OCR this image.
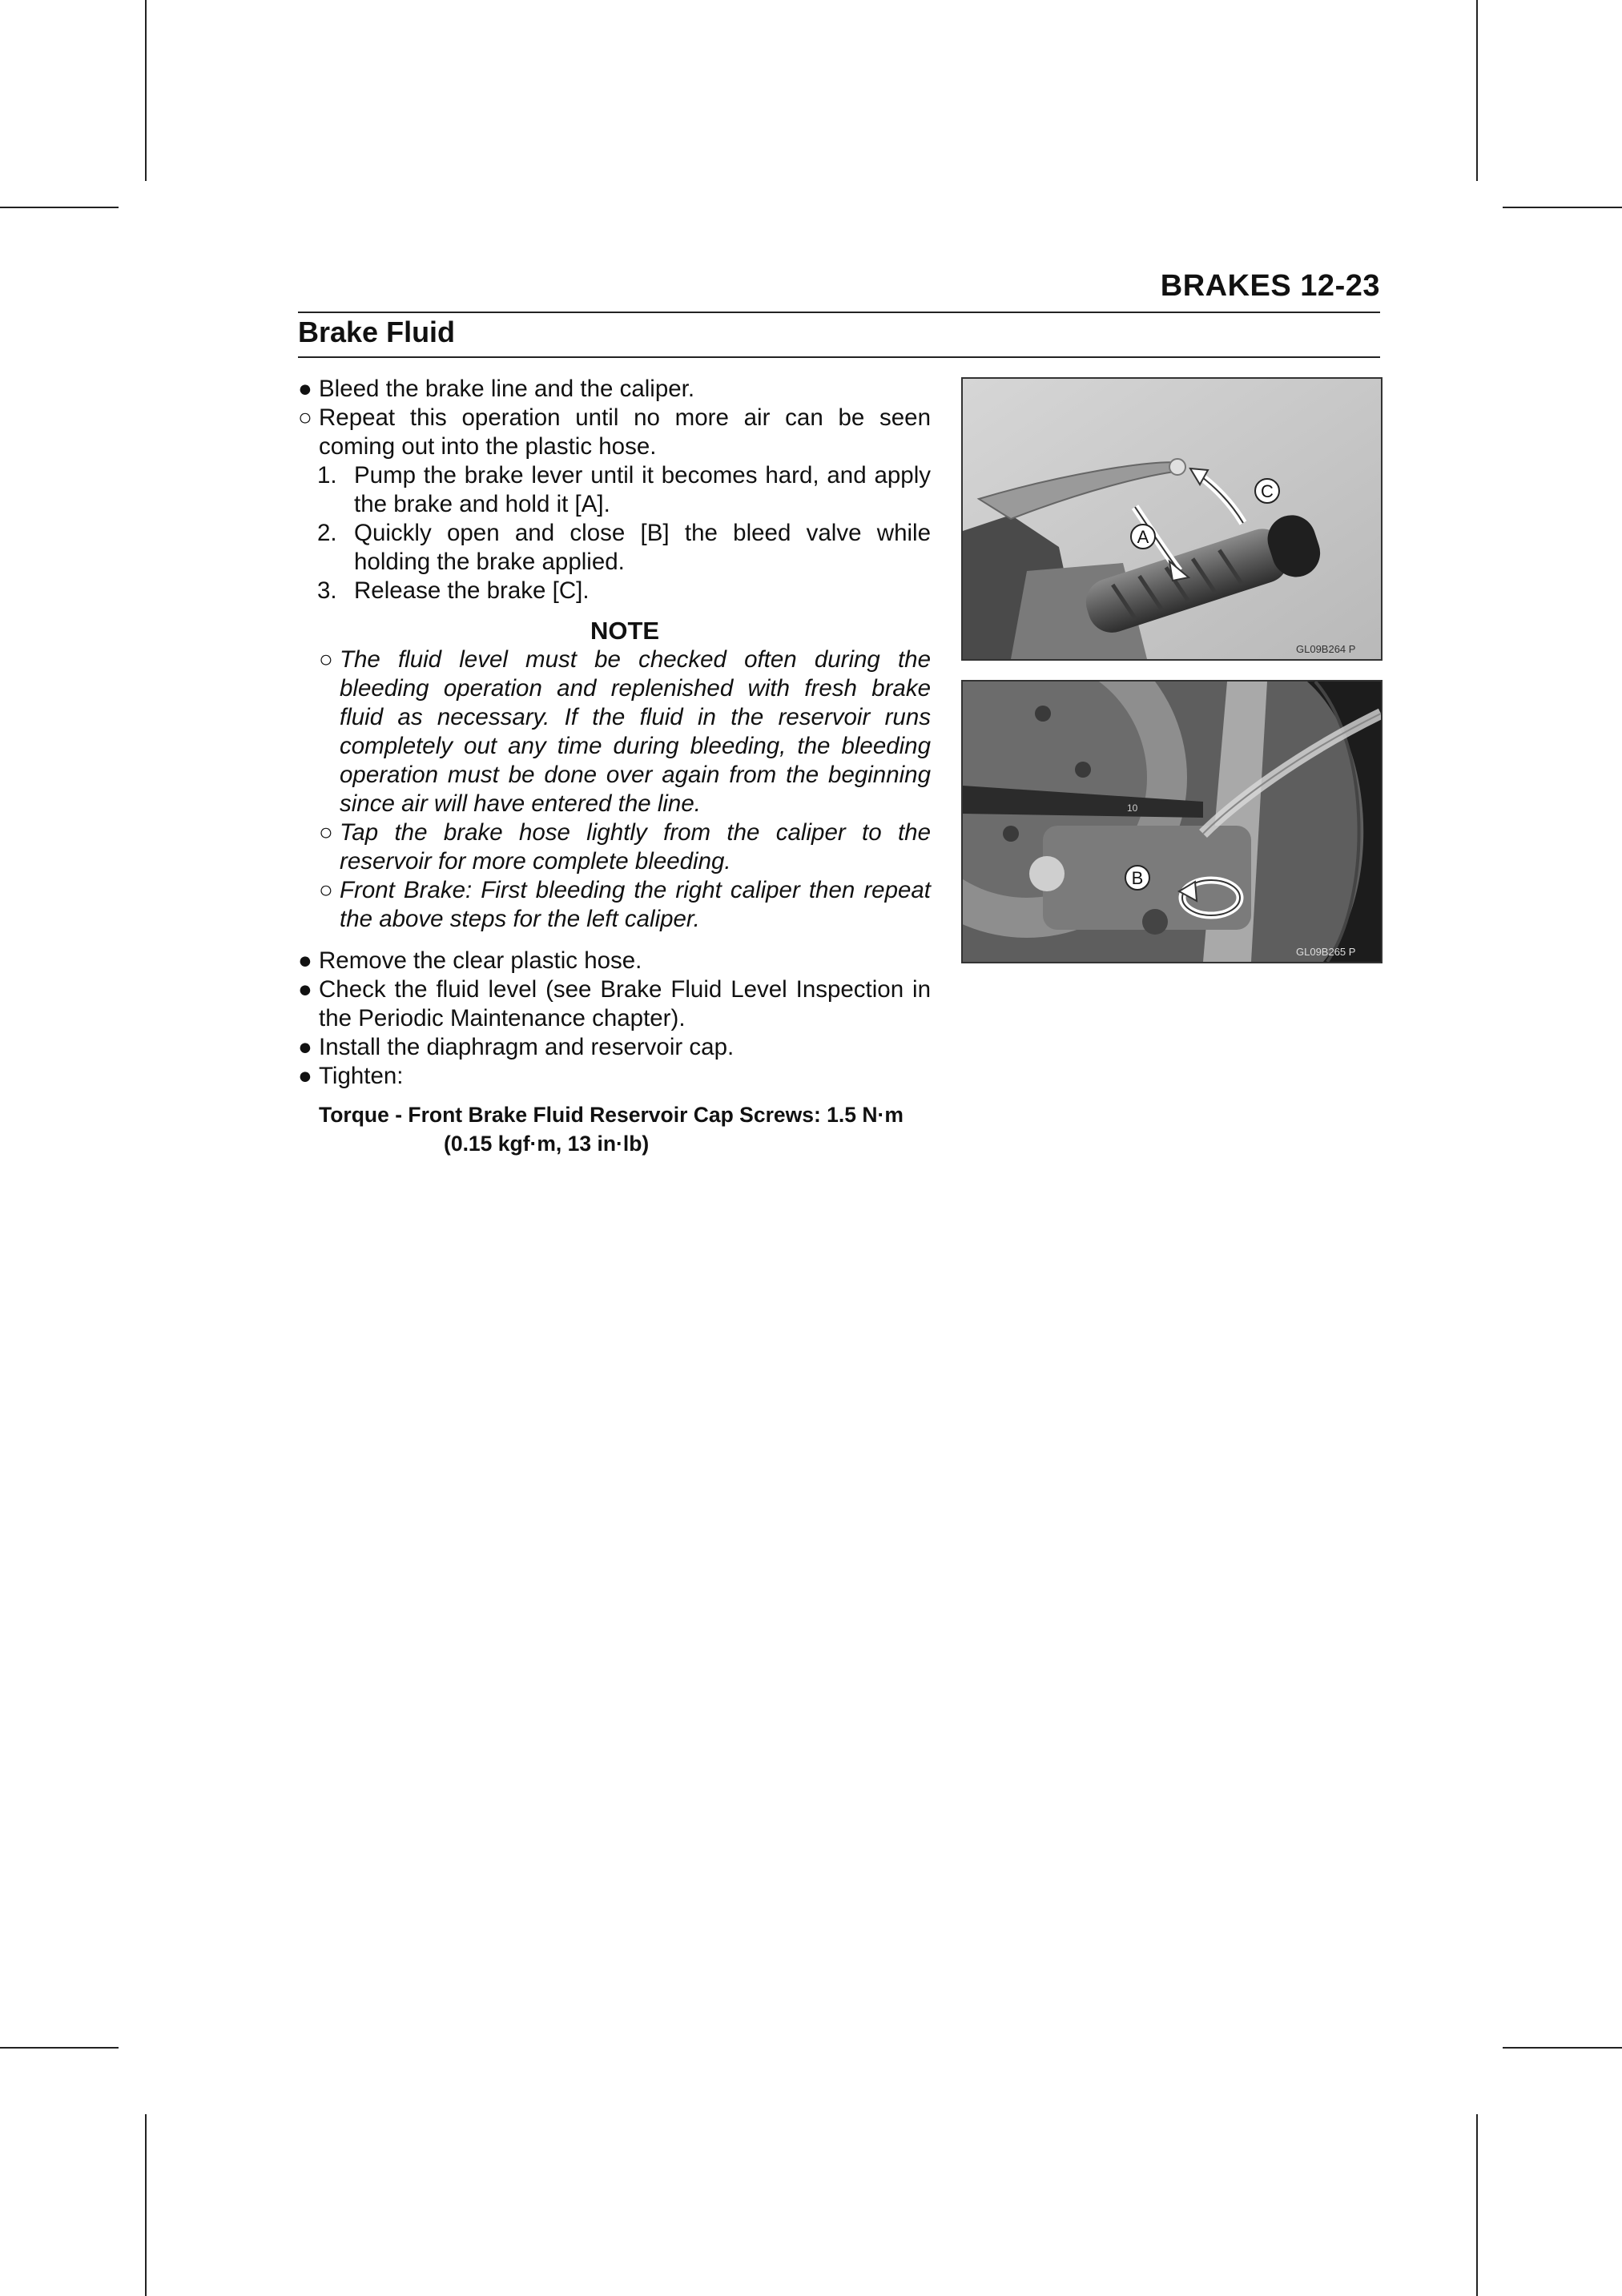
BRAKES 12-23
Brake Fluid
● Bleed the brake line and the caliper.
○ Repeat this operation until no more air can be seen coming out into the plastic hose.
1. Pump the brake lever until it becomes hard, and apply the brake and hold it [A].
2. Quickly open and close [B] the bleed valve while holding the brake applied.
3. Release the brake [C].
NOTE
○ The fluid level must be checked often during the bleeding operation and replenished with fresh brake fluid as necessary. If the fluid in the reservoir runs completely out any time during bleeding, the bleeding operation must be done over again from the beginning since air will have entered the line.
○ Tap the brake hose lightly from the caliper to the reservoir for more complete bleeding.
○ Front Brake: First bleeding the right caliper then repeat the above steps for the left caliper.
● Remove the clear plastic hose.
● Check the fluid level (see Brake Fluid Level Inspection in the Periodic Maintenance chapter).
● Install the diaphragm and reservoir cap.
● Tighten:
Torque - Front Brake Fluid Reservoir Cap Screws: 1.5 N·m
(0.15 kgf·m, 13 in·lb)
A
C
GL09B264 P
10
B
GL09B265 P
